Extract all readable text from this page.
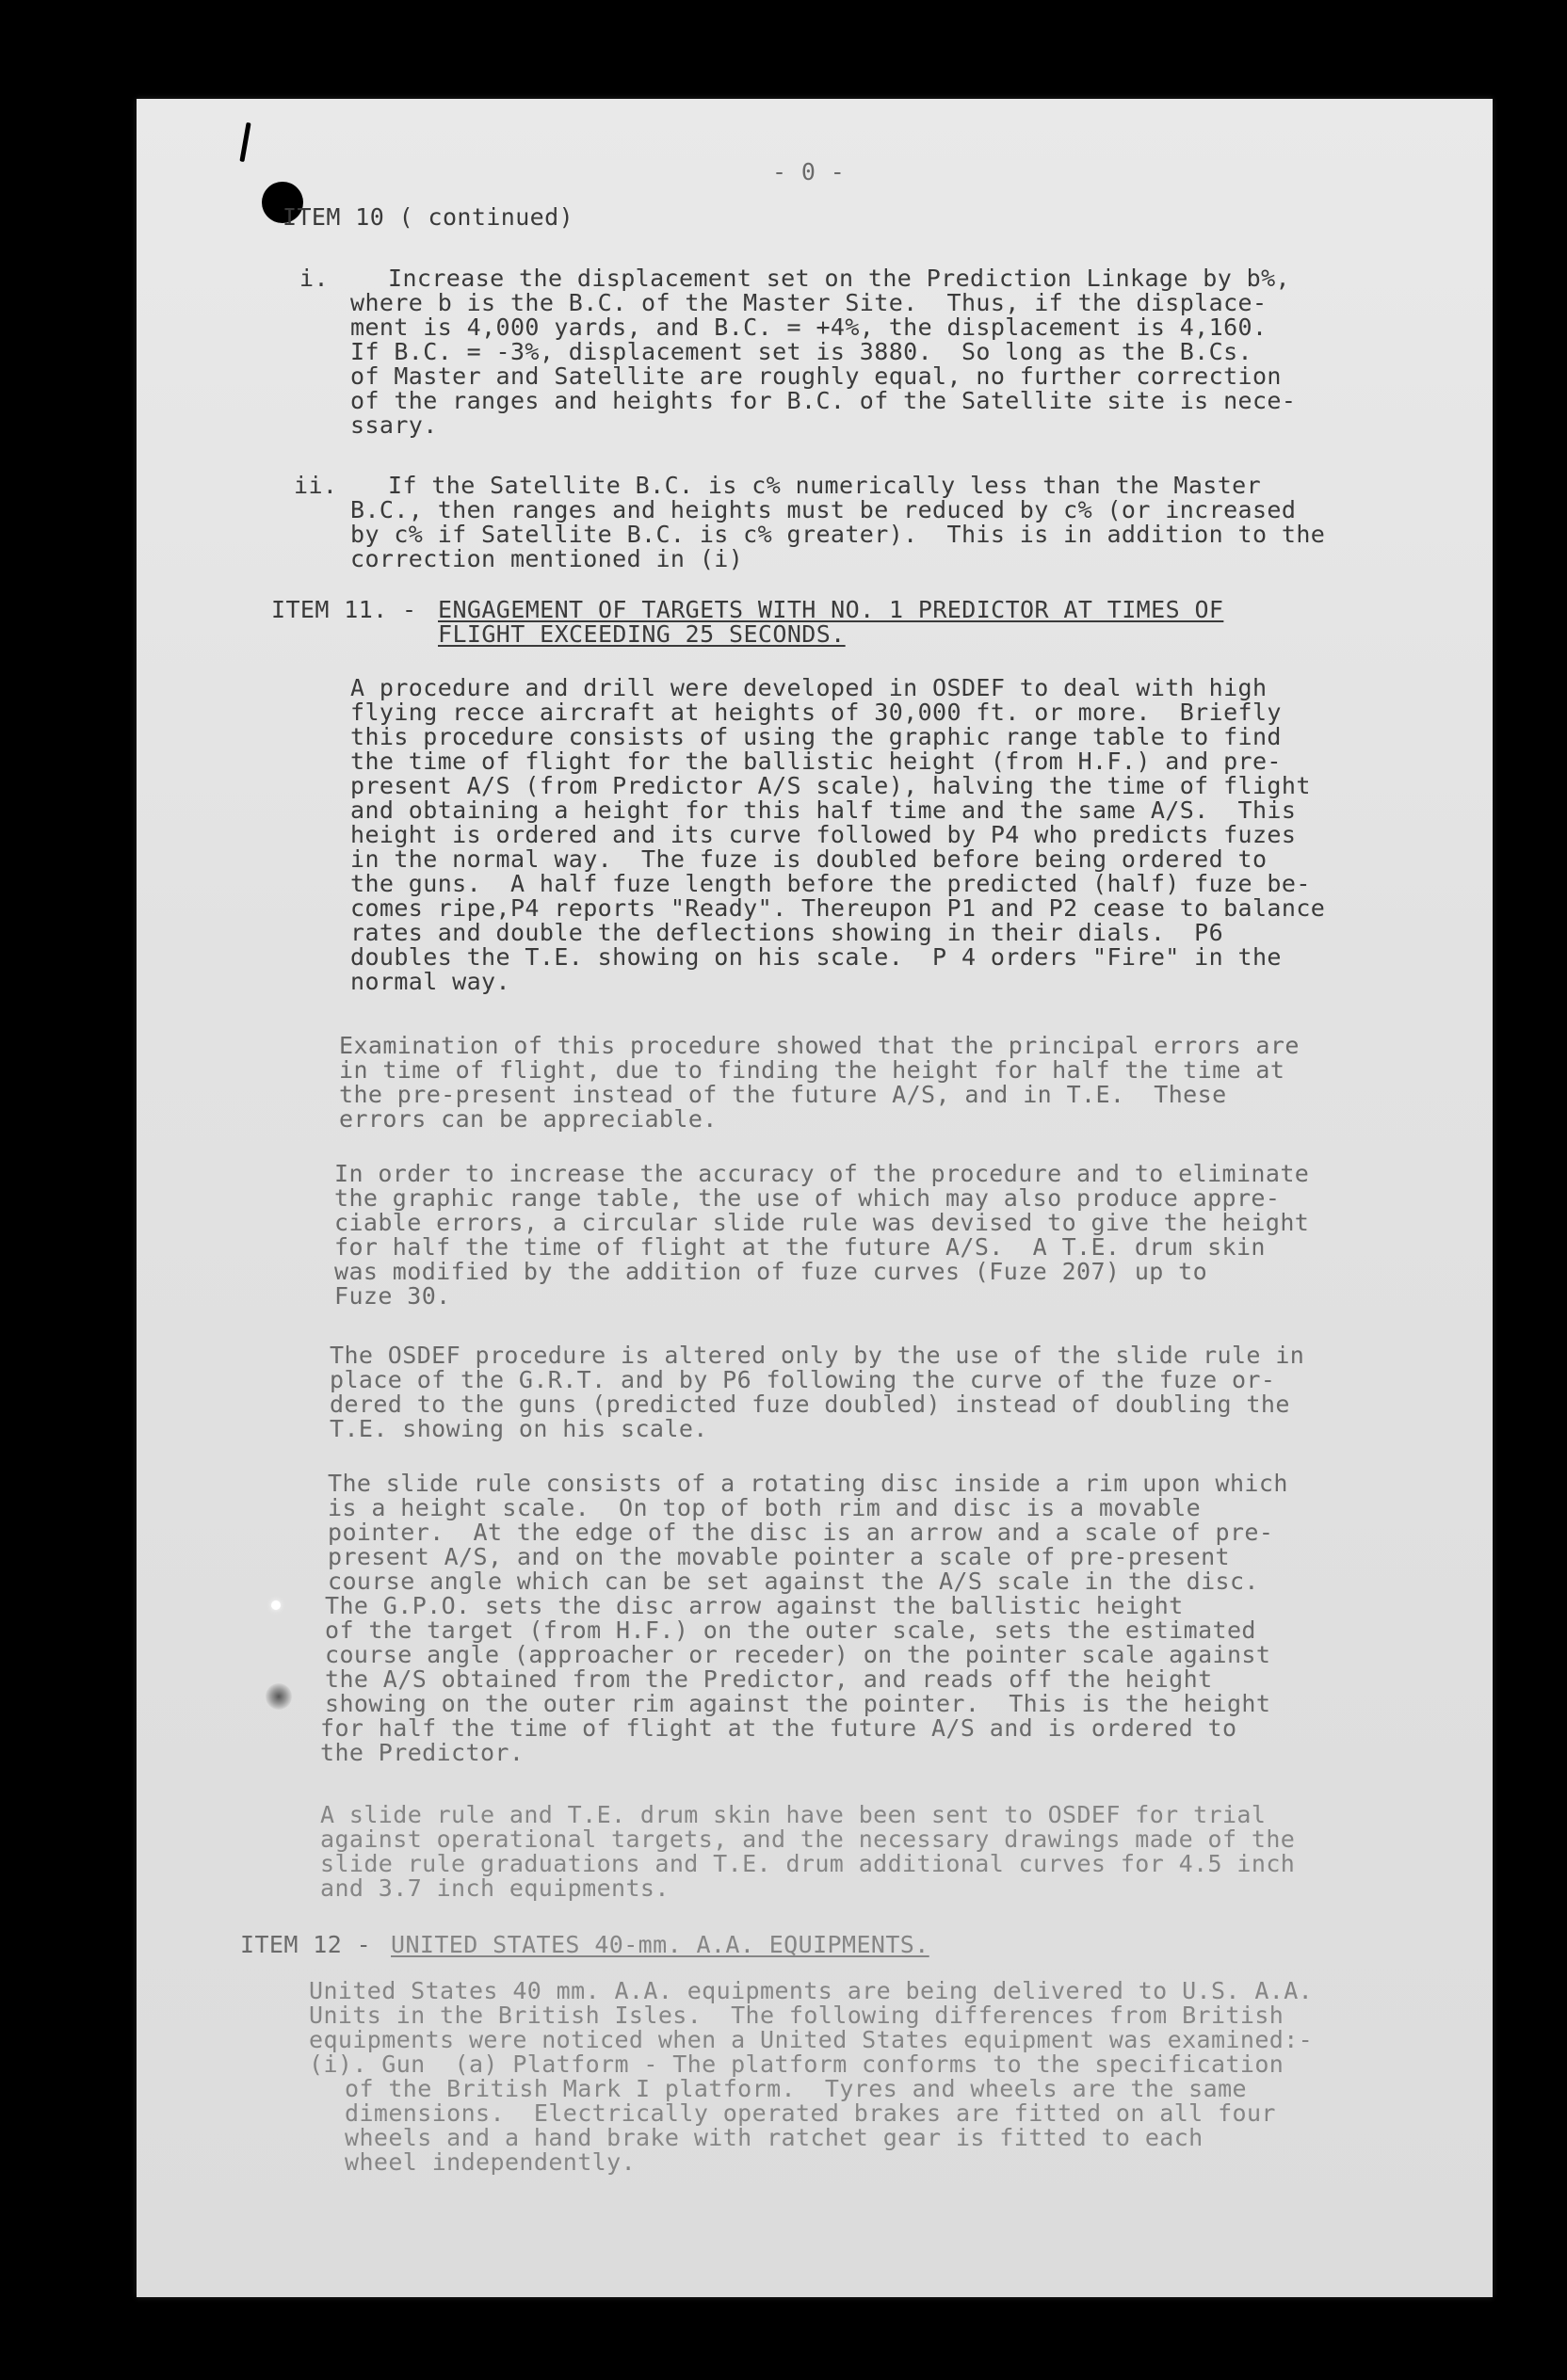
- 0 -
ITEM 10 ( continued)
i.	Increase the displacement set on the Prediction Linkage by b%,
where b is the B.C. of the Master Site.  Thus, if the displace-
ment is 4,000 yards, and B.C. = +4%, the displacement is 4,160.
If B.C. = -3%, displacement set is 3880.  So long as the B.Cs.
of Master and Satellite are roughly equal, no further correction
of the ranges and heights for B.C. of the Satellite site is nece-
ssary.
ii. If the Satellite B.C. is c% numerically less than the Master
B.C., then ranges and heights must be reduced by c% (or increased
by c% if Satellite B.C. is c% greater).  This is in addition to the
correction mentioned in (i)
ITEM 11. - ENGAGEMENT OF TARGETS WITH NO. 1 PREDICTOR AT TIMES OF
FLIGHT EXCEEDING 25 SECONDS.
A procedure and drill were developed in OSDEF to deal with high
flying recce aircraft at heights of 30,000 ft. or more.  Briefly
this procedure consists of using the graphic range table to find
the time of flight for the ballistic height (from H.F.) and pre-
present A/S (from Predictor A/S scale), halving the time of flight
and obtaining a height for this half time and the same A/S.  This
height is ordered and its curve followed by P4 who predicts fuzes
in the normal way.  The fuze is doubled before being ordered to
the guns.  A half fuze length before the predicted (half) fuze be-
comes ripe,P4 reports "Ready". Thereupon P1 and P2 cease to balance
rates and double the deflections showing in their dials.  P6
doubles the T.E. showing on his scale.  P 4 orders "Fire" in the
normal way.
Examination of this procedure showed that the principal errors are
in time of flight, due to finding the height for half the time at
the pre-present instead of the future A/S, and in T.E.  These
errors can be appreciable.
In order to increase the accuracy of the procedure and to eliminate
the graphic range table, the use of which may also produce appre-
ciable errors, a circular slide rule was devised to give the height
for half the time of flight at the future A/S.  A T.E. drum skin
was modified by the addition of fuze curves (Fuze 207) up to
Fuze 30.
The OSDEF procedure is altered only by the use of the slide rule in
place of the G.R.T. and by P6 following the curve of the fuze or-
dered to the guns (predicted fuze doubled) instead of doubling the
T.E. showing on his scale.
The slide rule consists of a rotating disc inside a rim upon which
is a height scale.  On top of both rim and disc is a movable
pointer.  At the edge of the disc is an arrow and a scale of pre-
present A/S, and on the movable pointer a scale of pre-present
course angle which can be set against the A/S scale in the disc.
The G.P.O. sets the disc arrow against the ballistic height
of the target (from H.F.) on the outer scale, sets the estimated
course angle (approacher or receder) on the pointer scale against
the A/S obtained from the Predictor, and reads off the height
showing on the outer rim against the pointer.  This is the height
for half the time of flight at the future A/S and is ordered to
the Predictor.
A slide rule and T.E. drum skin have been sent to OSDEF for trial
against operational targets, and the necessary drawings made of the
slide rule graduations and T.E. drum additional curves for 4.5 inch
and 3.7 inch equipments.
ITEM 12 - UNITED STATES 40-mm. A.A. EQUIPMENTS.
United States 40 mm. A.A. equipments are being delivered to U.S. A.A.
Units in the British Isles.  The following differences from British
equipments were noticed when a United States equipment was examined:-
(i). Gun  (a) Platform - The platform conforms to the specification
of the British Mark I platform.  Tyres and wheels are the same
dimensions.  Electrically operated brakes are fitted on all four
wheels and a hand brake with ratchet gear is fitted to each
wheel independently.
